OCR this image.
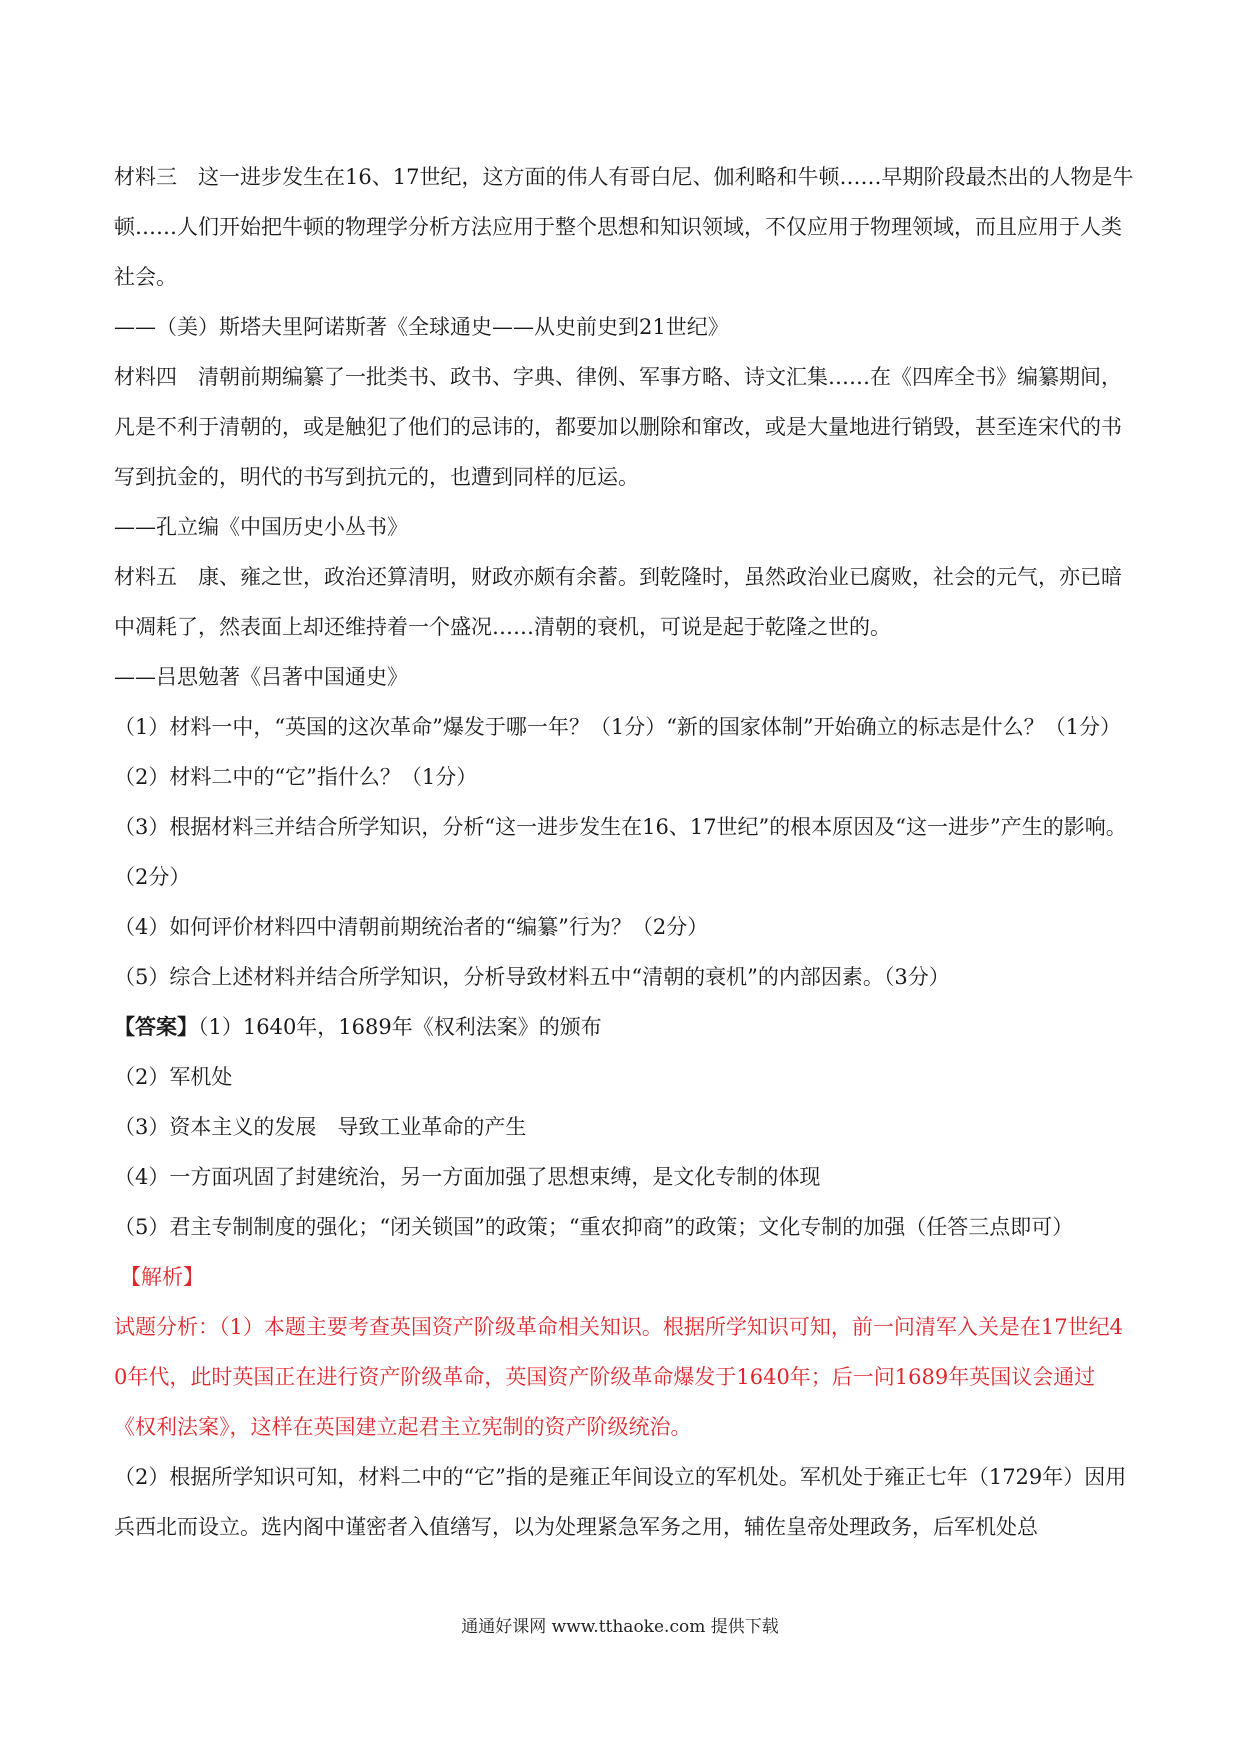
材料三　 这一进步发生在16、17世纪，这方面的伟人有哥白尼、伽利略和牛顿……早期阶段最杰出的人物是牛顿……人们开始把牛顿的物理学分析方法应用于整个思想和知识领域，不仅应用于物理领域，而且应用于人类社会。

——（美）斯塔夫里阿诺斯著《全球通史——从史前史到21世纪》

材料四　 清朝前期编纂了一批类书、政书、字典、律例、军事方略、诗文汇集……在《四库全书》编纂期间，凡是不利于清朝的，或是触犯了他们的忌讳的，都要加以删除和窜改，或是大量地进行销毁，甚至连宋代的书写到抗金的，明代的书写到抗元的，也遭到同样的厄运。

——孔立编《中国历史小丛书》

材料五　 康、雍之世，政治还算清明，财政亦颇有余蓄。到乾隆时，虽然政治业已腐败，社会的元气，亦已暗中凋耗了，然表面上却还维持着一个盛况……清朝的衰机，可说是起于乾隆之世的。

——吕思勉著《吕著中国通史》

（1）材料一中，“英国的这次革命”爆发于哪一年？（1分）“新的国家体制”开始确立的标志是什么？（1分）

（2）材料二中的“它”指什么？（1分）

（3）根据材料三并结合所学知识，分析“这一进步发生在16、17世纪”的根本原因及“这一进步”产生的影响。（2分）

（4）如何评价材料四中清朝前期统治者的“编纂”行为？（2分）

（5）综合上述材料并结合所学知识，分析导致材料五中“清朝的衰机”的内部因素。（3分）

【答案】（1）1640年，1689年《权利法案》的颁布

（2）军机处

（3）资本主义的发展　导致工业革命的产生

（4）一方面巩固了封建统治，另一方面加强了思想束缚，是文化专制的体现

（5）君主专制制度的强化；“闭关锁国”的政策；“重农抑商”的政策；文化专制的加强（任答三点即可）

【解析】

试题分析：（1）本题主要考查英国资产阶级革命相关知识。根据所学知识可知，前一问清军入关是在17世纪40年代，此时英国正在进行资产阶级革命，英国资产阶级革命爆发于1640年；后一问1689年英国议会通过《权利法案》，这样在英国建立起君主立宪制的资产阶级统治。

（2）根据所学知识可知，材料二中的“它”指的是雍正年间设立的军机处。军机处于雍正七年（1729年）因用兵西北而设立。选内阁中谨密者入值缮写，以为处理紧急军务之用，辅佐皇帝处理政务，后军机处总

通通好课网 www.tthaoke.com 提供下载
